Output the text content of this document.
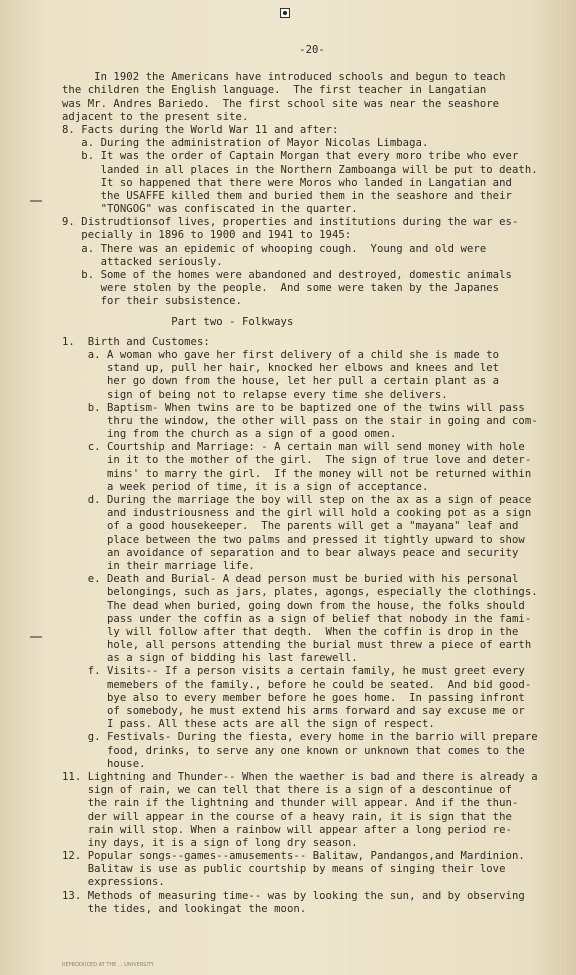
-20-
In 1902 the Americans have introduced schools and begun to teach
the children the English language.  The first teacher in Langatian
was Mr. Andres Bariedo.  The first school site was near the seashore
adjacent to the present site.
8. Facts during the World War 11 and after:
a. During the administration of Mayor Nicolas Limbaga.
b. It was the order of Captain Morgan that every moro tribe who ever
landed in all places in the Northern Zamboanga will be put to death.
It so happened that there were Moros who landed in Langatian and
the USAFFE killed them and buried them in the seashore and their
"TONGOG" was confiscated in the quarter.
9. Distrudtionsof lives, properties and institutions during the war es-
pecially in 1896 to 1900 and 1941 to 1945:
a. There was an epidemic of whooping cough.  Young and old were
attacked seriously.
b. Some of the homes were abandoned and destroyed, domestic animals
were stolen by the people.  And some were taken by the Japanes
for their subsistence.
Part two - Folkways
1.  Birth and Customes:
a. A woman who gave her first delivery of a child she is made to
stand up, pull her hair, knocked her elbows and knees and let
her go down from the house, let her pull a certain plant as a
sign of being not to relapse every time she delivers.
b. Baptism- When twins are to be baptized one of the twins will pass
thru the window, the other will pass on the stair in going and com-
ing from the church as a sign of a good omen.
c. Courtship and Marriage: - A certain man will send money with hole
in it to the mother of the girl.  The sign of true love and deter-
mins' to marry the girl.  If the money will not be returned within
a week period of time, it is a sign of acceptance.
d. During the marriage the boy will step on the ax as a sign of peace
and industriousness and the girl will hold a cooking pot as a sign
of a good housekeeper.  The parents will get a "mayana" leaf and
place between the two palms and pressed it tightly upward to show
an avoidance of separation and to bear always peace and security
in their marriage life.
e. Death and Burial- A dead person must be buried with his personal
belongings, such as jars, plates, agongs, especially the clothings.
The dead when buried, going down from the house, the folks should
pass under the coffin as a sign of belief that nobody in the fami-
ly will follow after that deqth.  When the coffin is drop in the
hole, all persons attending the burial must threw a piece of earth
as a sign of bidding his last farewell.
f. Visits-- If a person visits a certain family, he must greet every
memebers of the family., before he could be seated.  And bid good-
bye also to every member before he goes home.  In passing infront
of somebody, he must extend his arms forward and say excuse me or
I pass. All these acts are all the sign of respect.
g. Festivals- During the fiesta, every home in the barrio will prepare
food, drinks, to serve any one known or unknown that comes to the
house.
11. Lightning and Thunder-- When the waether is bad and there is already a
sign of rain, we can tell that there is a sign of a descontinue of
the rain if the lightning and thunder will appear. And if the thun-
der will appear in the course of a heavy rain, it is sign that the
rain will stop. When a rainbow will appear after a long period re-
iny days, it is a sign of long dry season.
12. Popular songs--games--amusements-- Balitaw, Pandangos,and Mardinion.
Balitaw is use as public courtship by means of singing their love
expressions.
13. Methods of measuring time-- was by looking the sun, and by observing
the tides, and lookingat the moon.
REPRODUCED AT THE ... UNIVERSITY
